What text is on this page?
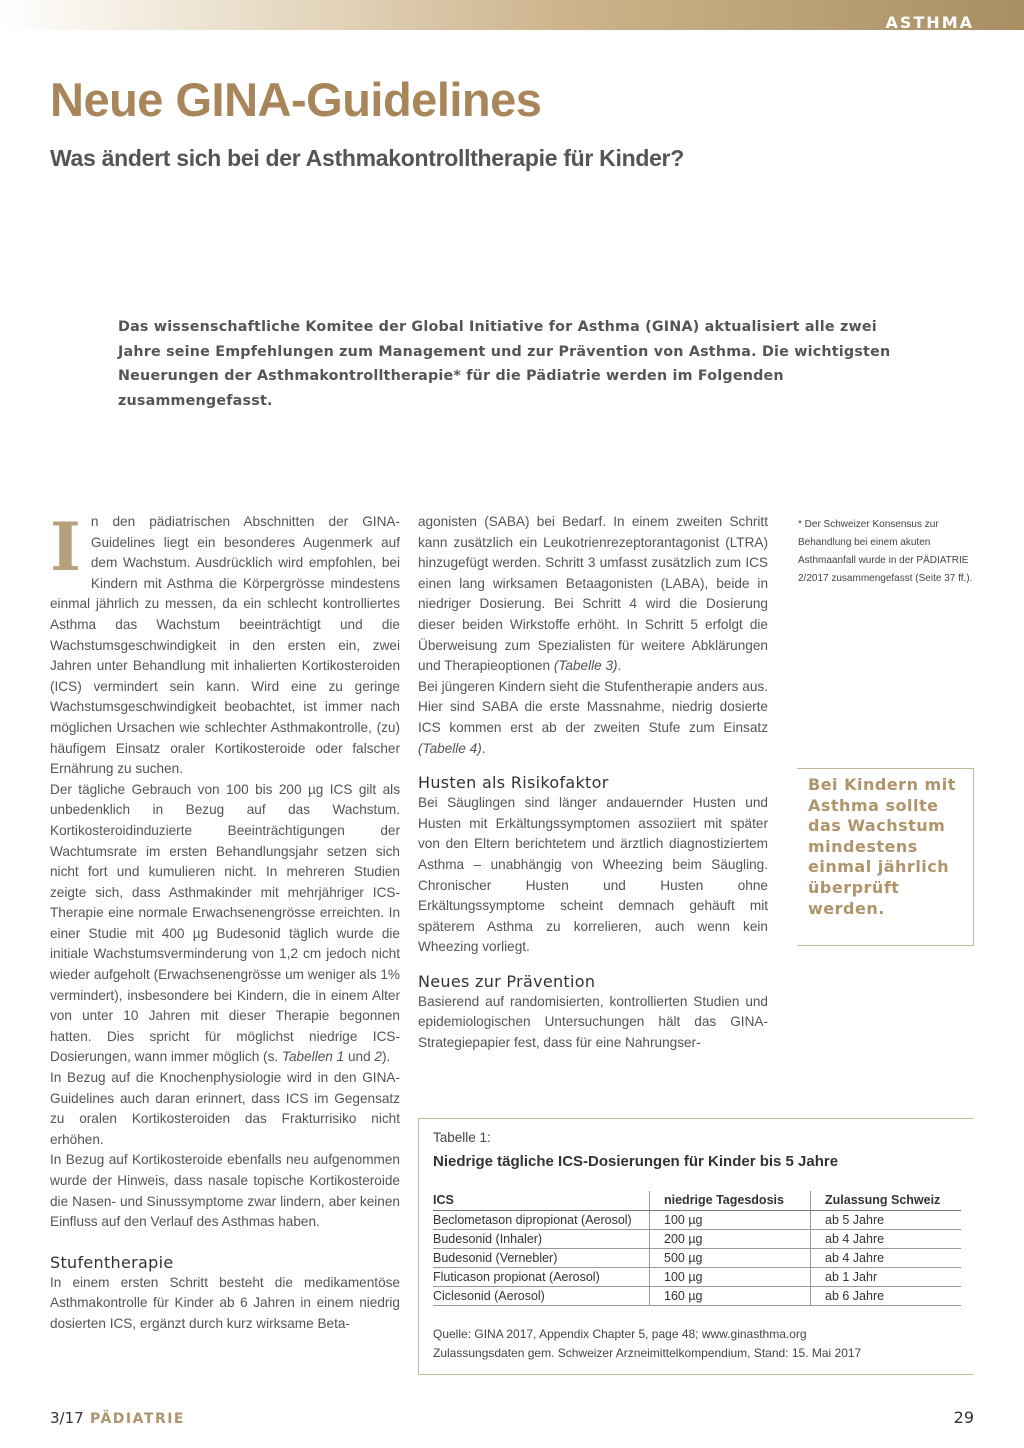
ASTHMA
Neue GINA-Guidelines
Was ändert sich bei der Asthmakontrolltherapie für Kinder?

Das wissenschaftliche Komitee der Global Initiative for Asthma (GINA) aktualisiert alle zwei Jahre seine Empfehlungen zum Management und zur Prävention von Asthma. Die wichtigsten Neuerungen der Asthmakontrolltherapie* für die Pädiatrie werden im Folgenden zusammengefasst.

In den pädiatrischen Abschnitten der GINA-Guidelines liegt ein besonderes Augenmerk auf dem Wachstum. Ausdrücklich wird empfohlen, bei Kindern mit Asthma die Körpergrösse mindestens einmal jährlich zu messen, da ein schlecht kontrolliertes Asthma das Wachstum beeinträchtigt und die Wachstumsgeschwindigkeit in den ersten ein, zwei Jahren unter Behandlung mit inhalierten Kortikosteroiden (ICS) vermindert sein kann. Wird eine zu geringe Wachstumsgeschwindigkeit beobachtet, ist immer nach möglichen Ursachen wie schlechter Asthmakontrolle, (zu) häufigem Einsatz oraler Kortikosteroide oder falscher Ernährung zu suchen.

Der tägliche Gebrauch von 100 bis 200 µg ICS gilt als unbedenklich in Bezug auf das Wachstum. Kortikosteroidinduzierte Beeinträchtigungen der Wachtumsrate im ersten Behandlungsjahr setzen sich nicht fort und kumulieren nicht. In mehreren Studien zeigte sich, dass Asthmakinder mit mehrjähriger ICS-Therapie eine normale Erwachsenengrösse erreichten. In einer Studie mit 400 µg Budesonid täglich wurde die initiale Wachstumsverminderung von 1,2 cm jedoch nicht wieder aufgeholt (Erwachsenengrösse um weniger als 1% vermindert), insbesondere bei Kindern, die in einem Alter von unter 10 Jahren mit dieser Therapie begonnen hatten. Dies spricht für möglichst niedrige ICS-Dosierungen, wann immer möglich (s. Tabellen 1 und 2).

In Bezug auf die Knochenphysiologie wird in den GINA-Guidelines auch daran erinnert, dass ICS im Gegensatz zu oralen Kortikosteroiden das Frakturrisiko nicht erhöhen.

In Bezug auf Kortikosteroide ebenfalls neu aufgenommen wurde der Hinweis, dass nasale topische Kortikosteroide die Nasen- und Sinussymptome zwar lindern, aber keinen Einfluss auf den Verlauf des Asthmas haben.

Stufentherapie

In einem ersten Schritt besteht die medikamentöse Asthmakontrolle für Kinder ab 6 Jahren in einem niedrig dosierten ICS, ergänzt durch kurz wirksame Beta-

agonisten (SABA) bei Bedarf. In einem zweiten Schritt kann zusätzlich ein Leukotrienrezeptorantagonist (LTRA) hinzugefügt werden. Schritt 3 umfasst zusätzlich zum ICS einen lang wirksamen Betaagonisten (LABA), beide in niedriger Dosierung. Bei Schritt 4 wird die Dosierung dieser beiden Wirkstoffe erhöht. In Schritt 5 erfolgt die Überweisung zum Spezialisten für weitere Abklärungen und Therapieoptionen (Tabelle 3).

Bei jüngeren Kindern sieht die Stufentherapie anders aus. Hier sind SABA die erste Massnahme, niedrig dosierte ICS kommen erst ab der zweiten Stufe zum Einsatz (Tabelle 4).

Husten als Risikofaktor

Bei Säuglingen sind länger andauernder Husten und Husten mit Erkältungssymptomen assoziiert mit später von den Eltern berichtetem und ärztlich diagnostiziertem Asthma – unabhängig von Wheezing beim Säugling. Chronischer Husten und Husten ohne Erkältungssymptome scheint demnach gehäuft mit späterem Asthma zu korrelieren, auch wenn kein Wheezing vorliegt.

Neues zur Prävention

Basierend auf randomisierten, kontrollierten Studien und epidemiologischen Untersuchungen hält das GINA-Strategiepapier fest, dass für eine Nahrungser-

* Der Schweizer Konsensus zur Behandlung bei einem akuten Asthmaanfall wurde in der PÄDIATRIE 2/2017 zusammengefasst (Seite 37 ff.).

Bei Kindern mit Asthma sollte das Wachstum mindestens einmal jährlich überprüft werden.

Tabelle 1:
Niedrige tägliche ICS-Dosierungen für Kinder bis 5 Jahre
ICS	niedrige Tagesdosis	Zulassung Schweiz
Beclometason dipropionat (Aerosol)	100 µg	ab 5 Jahre
Budesonid (Inhaler)	200 µg	ab 4 Jahre
Budesonid (Vernebler)	500 µg	ab 4 Jahre
Fluticason propionat (Aerosol)	100 µg	ab 1 Jahr
Ciclesonid (Aerosol)	160 µg	ab 6 Jahre
Quelle: GINA 2017, Appendix Chapter 5, page 48; www.ginasthma.org
Zulassungsdaten gem. Schweizer Arzneimittelkompendium, Stand: 15. Mai 2017
3/17 PÄDIATRIE	29
